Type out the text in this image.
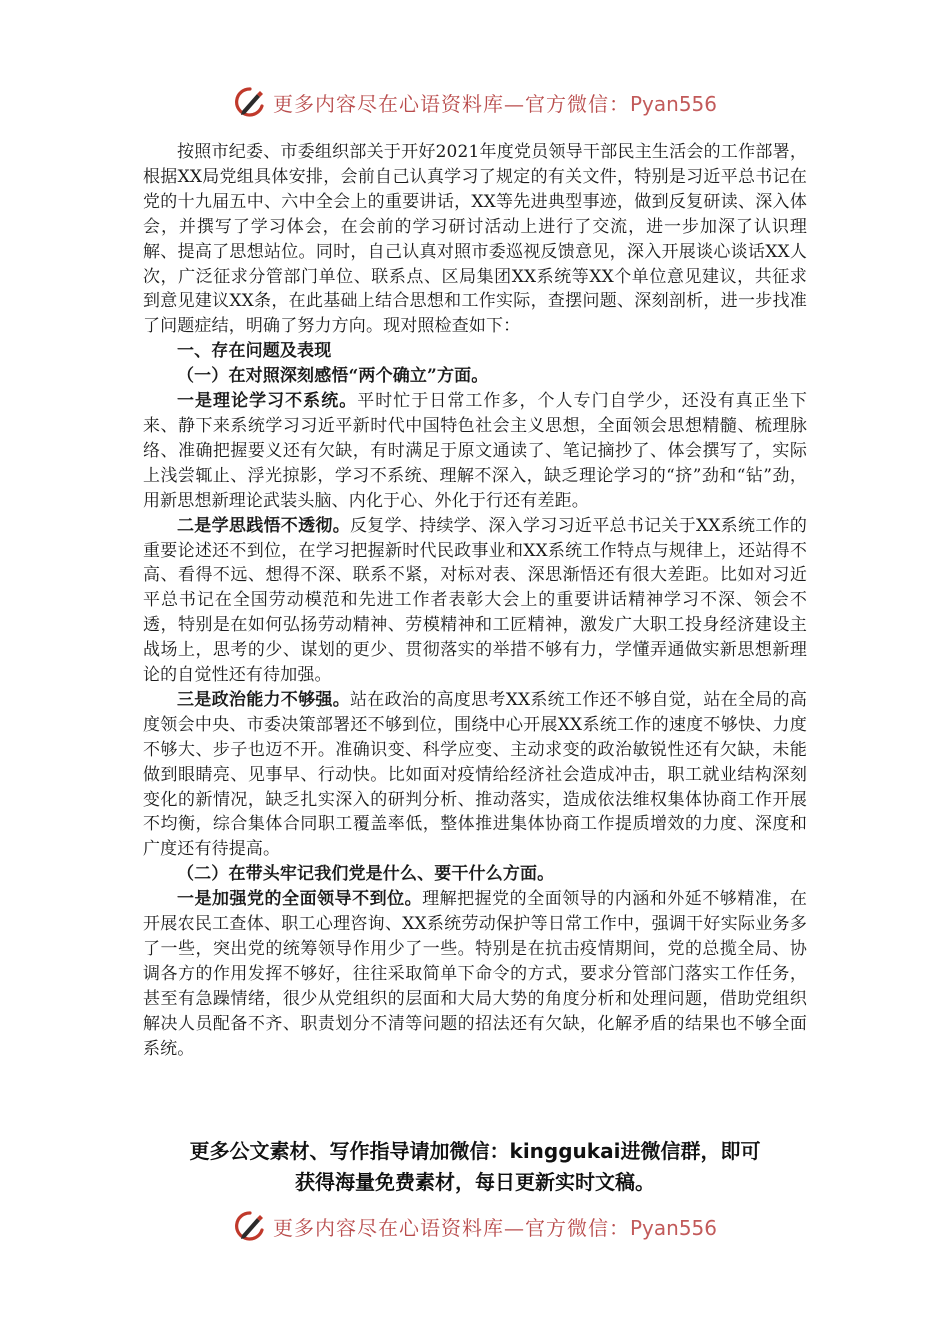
更多内容尽在心语资料库—官方微信：Pyan556

按照市纪委、市委组织部关于开好2021年度党员领导干部民主生活会的工作部署，根据XX局党组具体安排，会前自己认真学习了规定的有关文件，特别是习近平总书记在党的十九届五中、六中全会上的重要讲话，XX等先进典型事迹，做到反复研读、深入体会，并撰写了学习体会，在会前的学习研讨活动上进行了交流，进一步加深了认识理解、提高了思想站位。同时，自己认真对照市委巡视反馈意见，深入开展谈心谈话XX人次，广泛征求分管部门单位、联系点、区局集团XX系统等XX个单位意见建议，共征求到意见建议XX条，在此基础上结合思想和工作实际，查摆问题、深刻剖析，进一步找准了问题症结，明确了努力方向。现对照检查如下：

一、存在问题及表现

（一）在对照深刻感悟“两个确立”方面。

一是理论学习不系统。平时忙于日常工作多，个人专门自学少，还没有真正坐下来、静下来系统学习习近平新时代中国特色社会主义思想，全面领会思想精髓、梳理脉络、准确把握要义还有欠缺，有时满足于原文通读了、笔记摘抄了、体会撰写了，实际上浅尝辄止、浮光掠影，学习不系统、理解不深入，缺乏理论学习的“挤”劲和“钻”劲，用新思想新理论武装头脑、内化于心、外化于行还有差距。

二是学思践悟不透彻。反复学、持续学、深入学习习近平总书记关于XX系统工作的重要论述还不到位，在学习把握新时代民政事业和XX系统工作特点与规律上，还站得不高、看得不远、想得不深、联系不紧，对标对表、深思渐悟还有很大差距。比如对习近平总书记在全国劳动模范和先进工作者表彰大会上的重要讲话精神学习不深、领会不透，特别是在如何弘扬劳动精神、劳模精神和工匠精神，激发广大职工投身经济建设主战场上，思考的少、谋划的更少、贯彻落实的举措不够有力，学懂弄通做实新思想新理论的自觉性还有待加强。

三是政治能力不够强。站在政治的高度思考XX系统工作还不够自觉，站在全局的高度领会中央、市委决策部署还不够到位，围绕中心开展XX系统工作的速度不够快、力度不够大、步子也迈不开。准确识变、科学应变、主动求变的政治敏锐性还有欠缺，未能做到眼睛亮、见事早、行动快。比如面对疫情给经济社会造成冲击，职工就业结构深刻变化的新情况，缺乏扎实深入的研判分析、推动落实，造成依法维权集体协商工作开展不均衡，综合集体合同职工覆盖率低，整体推进集体协商工作提质增效的力度、深度和广度还有待提高。

（二）在带头牢记我们党是什么、要干什么方面。

一是加强党的全面领导不到位。理解把握党的全面领导的内涵和外延不够精准，在开展农民工查体、职工心理咨询、XX系统劳动保护等日常工作中，强调干好实际业务多了一些，突出党的统筹领导作用少了一些。特别是在抗击疫情期间，党的总揽全局、协调各方的作用发挥不够好，往往采取简单下命令的方式，要求分管部门落实工作任务，甚至有急躁情绪，很少从党组织的层面和大局大势的角度分析和处理问题，借助党组织解决人员配备不齐、职责划分不清等问题的招法还有欠缺，化解矛盾的结果也不够全面系统。

更多公文素材、写作指导请加微信：kinggukai进微信群，即可
获得海量免费素材，每日更新实时文稿。
更多内容尽在心语资料库—官方微信：Pyan556
